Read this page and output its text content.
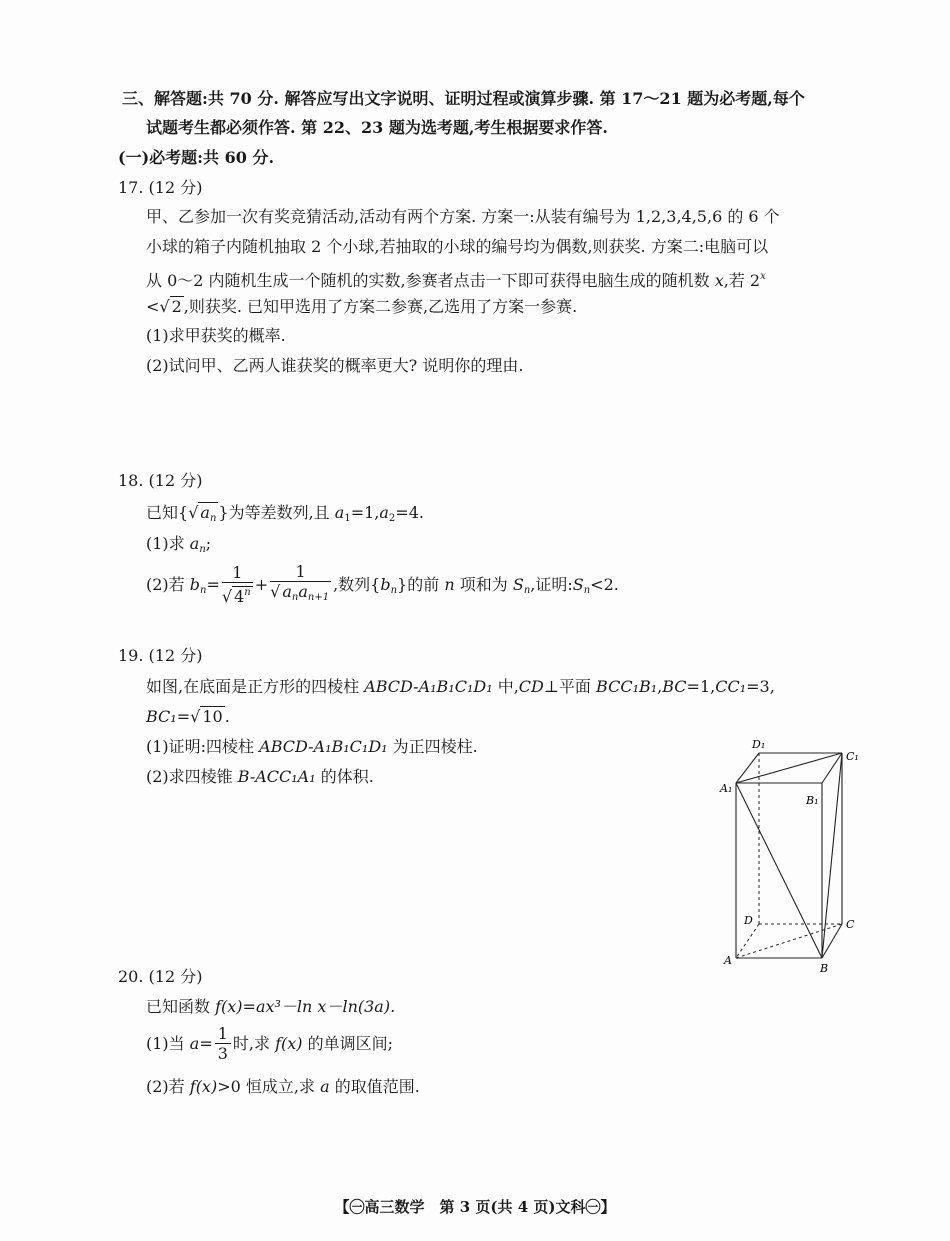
三、解答题:共 70 分. 解答应写出文字说明、证明过程或演算步骤. 第 17～21 题为必考题,每个
试题考生都必须作答. 第 22、23 题为选考题,考生根据要求作答.
(一)必考题:共 60 分.
17. (12 分)
甲、乙参加一次有奖竞猜活动,活动有两个方案. 方案一:从装有编号为 1,2,3,4,5,6 的 6 个
小球的箱子内随机抽取 2 个小球,若抽取的小球的编号均为偶数,则获奖. 方案二:电脑可以
从 0～2 内随机生成一个随机的实数,参赛者点击一下即可获得电脑生成的随机数 x,若 $2^x$
<√ 2 ,则获奖. 已知甲选用了方案二参赛,乙选用了方案一参赛.
(1)求甲获奖的概率.
(2)试问甲、乙两人谁获奖的概率更大? 说明你的理由.
18. (12 分)
已知{√ $a_n$ }为等差数列,且 $a_1=1,a_2=4$.
(1)求 $a_n$;
(2)若 $b_n= \frac{1}{√ 4^n} + \frac{1}{√ a_na_{n+1}}$ ,数列$\{b_n\}$的前 n 项和为 $S_n$,证明$:S_n<2$.
19. (12 分)
如图,在底面是正方形的四棱柱 ABCD-A₁B₁C₁D₁ 中,CD⊥平面 BCC₁B₁,BC=1,CC₁=3,
BC₁=√ 10 .
(1)证明:四棱柱 ABCD-A₁B₁C₁D₁ 为正四棱柱.
(2)求四棱锥 B-ACC₁A₁ 的体积.
D₁
C₁
A₁
B₁
D	C
A
B
20. (12 分)
已知函数 f(x)=ax³－ln x－ln(3a).
(1)当 $a= \frac{1}{3}$ 时,求 f(x) 的单调区间;
(2)若 f(x)>0 恒成立,求 a 的取值范围.
【㊀高三数学　第 3 页(共 4 页)文科㊀】
